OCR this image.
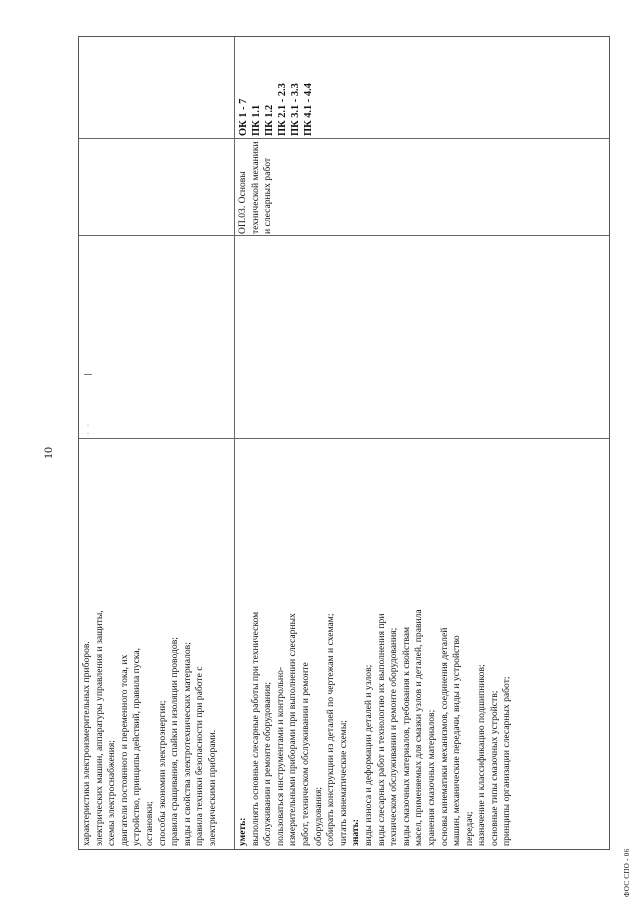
10
· ·
характеристики электроизмерительных приборов. электрических машин, аппаратуры управления и защиты, схемы электроснабжения; двигатели постоянного и переменного тока, их устройство, принципы действий, правила пуска, остановки; способы экономии электроэнергии; правила сращивания, спайки и изоляции проводов; виды и свойства электротехнических материалов; правила техники безопасности при работе с электрическими приборами. уметь: выполнять основные слесарные работы при техническом обслуживании и ремонте оборудования; пользоваться инструментами и контрольно- измерительными приборами при выполнении слесарных работ, техническом обслуживании и ремонте оборудования; собирать конструкции из деталей по чертежам и схемам; читать кинематические схемы; знать: виды износа и деформации деталей и узлов; виды слесарных работ и технологию их выполнения при техническом обслуживании и ремонте оборудования; виды смазочных материалов, требования к свойствам масел, применяемых для смазки узлов и деталей, правила хранения смазочных материалов; основы кинематики механизмов, соединения деталей машин, механические передачи, виды и устройство передач; назначение и классификацию подшипников; основные типы смазочных устройств; принципы организации слесарных работ;
ОП.03. Основы технической механики и слесарных работ
ОК 1 - 7 ПК 1.1 ПК 1.2 ПК 2.1 - 2.3 ПК 3.1 - 3.3 ПК 4.1 - 4.4
ФОС СПО - 06
